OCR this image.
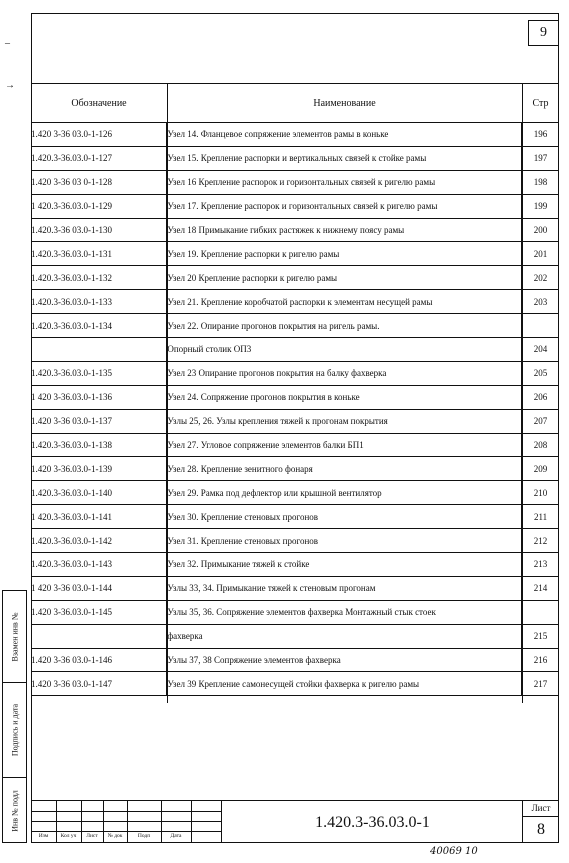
9
–
→
Обозначение	Наименование	Стр
1.420 3-36 03.0-1-126	Узел 14. Фланцевое сопряжение элементов рамы в коньке	196
1.420.3-36.03.0-1-127	Узел 15. Крепление распорки и вертикальных связей к стойке рамы	197
1.420 3-36 03 0-1-128	Узел 16 Крепление распорок и горизонтальных связей к ригелю рамы	198
1 420.3-36.03.0-1-129	Узел 17. Крепление распорок и горизонтальных связей к ригелю рамы	199
1.420.3-36 03.0-1-130	Узел 18 Примыкание гибких растяжек к нижнему поясу рамы	200
1.420.3-36.03.0-1-131	Узел 19. Крепление распорки к ригелю рамы	201
1.420.3-36.03.0-1-132	Узел 20 Крепление распорки к ригелю рамы	202
1.420.3-36.03.0-1-133	Узел 21. Крепление коробчатой распорки к элементам несущей рамы	203
1.420.3-36.03.0-1-134	Узел 22. Опирание прогонов покрытия на ригель рамы.	
	Опорный столик ОП3	204
1.420.3-36.03.0-1-135	Узел 23 Опирание прогонов покрытия на балку фахверка	205
1 420 3-36.03.0-1-136	Узел 24. Сопряжение прогонов покрытия в коньке	206
1.420 3-36 03.0-1-137	Узлы 25, 26. Узлы крепления тяжей к прогонам покрытия	207
1.420.3-36.03.0-1-138	Узел 27. Угловое сопряжение элементов балки БП1	208
1.420 3-36.03.0-1-139	Узел 28. Крепление зенитного фонаря	209
1.420.3-36.03.0-1-140	Узел 29. Рамка под дефлектор или крышной вентилятор	210
1 420.3-36.03.0-1-141	Узел 30. Крепление стеновых прогонов	211
1.420.3-36.03.0-1-142	Узел 31. Крепление стеновых прогонов	212
1.420.3-36.03.0-1-143	Узел 32. Примыкание тяжей к стойке	213
1 420 3-36 03.0-1-144	Узлы 33, 34. Примыкание тяжей к стеновым прогонам	214
1.420 3-36.03.0-1-145	Узлы 35, 36. Сопряжение элементов фахверка Монтажный стык стоек	
	фахверка	215
1.420 3-36 03.0-1-146	Узлы 37, 38 Сопряжение элементов фахверка	216
1.420 3-36 03.0-1-147	Узел 39 Крепление самонесущей стойки фахверка к ригелю рамы	217
Изм	Кол уч	Лист	№ док	Подп	Дата
1.420.3-36.03.0-1
Лист
8
Взамен инв №
Подпись и дата
Инв № подл
40069 10
